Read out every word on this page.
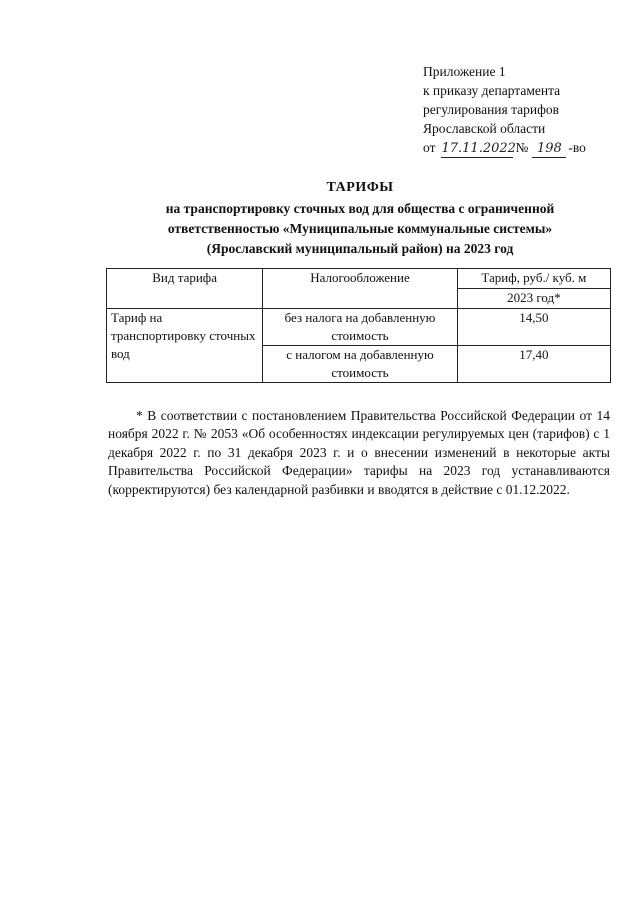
Приложение 1
к приказу департамента
регулирования тарифов
Ярославской области
от 17.11.2022№ 198 -во
ТАРИФЫ
на транспортировку сточных вод для общества с ограниченной
ответственностью «Муниципальные коммунальные системы»
(Ярославский муниципальный район) на 2023 год
Вид тарифа	Налогообложение	Тариф, руб./ куб. м
		2023 год*
Тариф на транспортировку сточных вод	без налога на добавленную стоимость	14,50
	с налогом на добавленную стоимость	17,40

* В соответствии с постановлением Правительства Российской Федерации от 14 ноября 2022 г. № 2053 «Об особенностях индексации регулируемых цен (тарифов) с 1 декабря 2022 г. по 31 декабря 2023 г. и о внесении изменений в некоторые акты Правительства Российской Федерации» тарифы на 2023 год устанавливаются (корректируются) без календарной разбивки и вводятся в действие с 01.12.2022.
